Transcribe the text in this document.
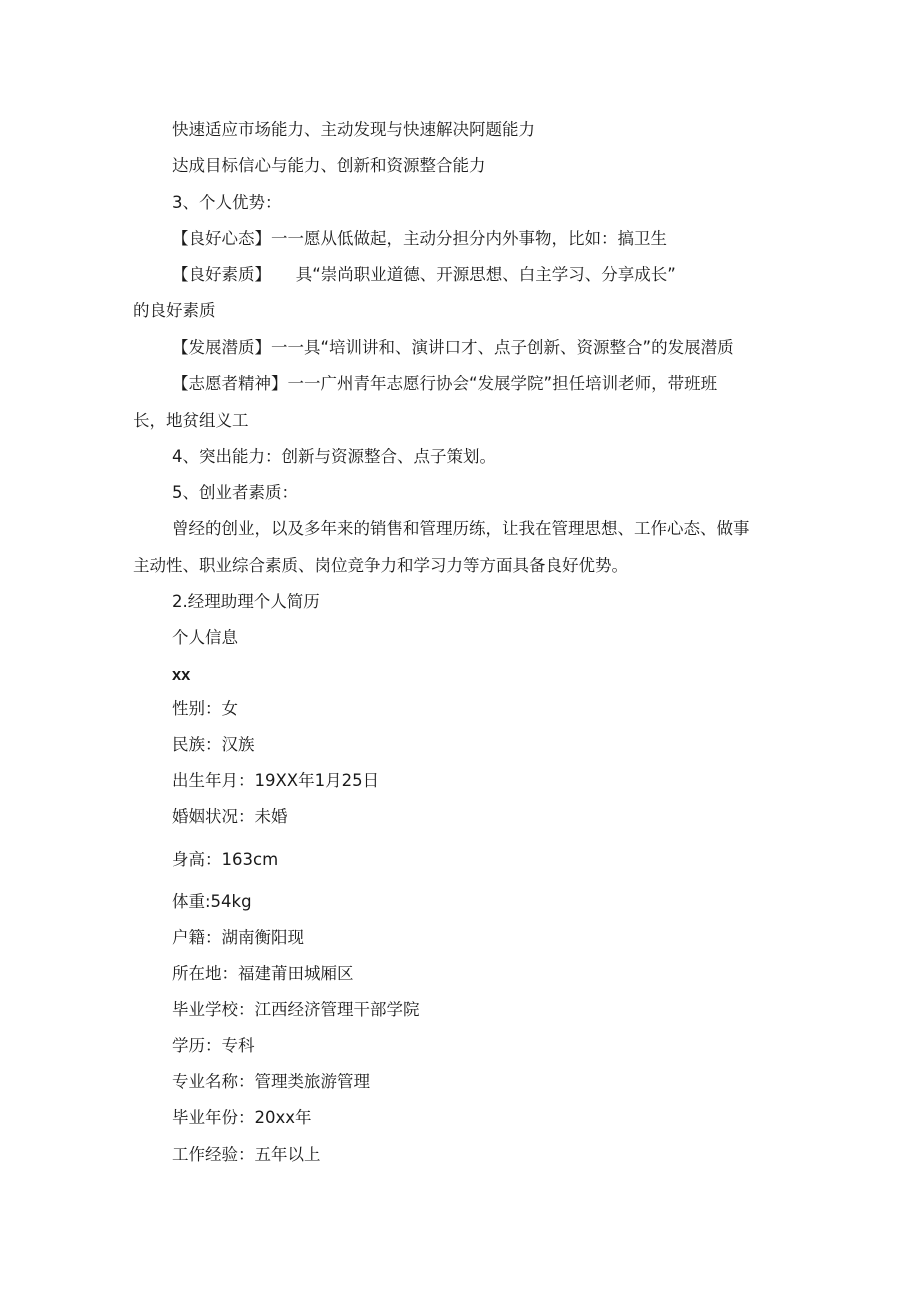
快速适应市场能力、主动发现与快速解决阿题能力
达成目标信心与能力、创新和资源整合能力
3、个人优势：
【良好心态】一一愿从低做起，主动分担分内外事物，比如：搞卫生
【良好素质】　　具“崇尚职业道德、开源思想、白主学习、分享成长”
的良好素质
【发展潜质】一一具“培训讲和、演讲口才、点子创新、资源整合”的发展潜质
【志愿者精神】一一广州青年志愿行协会“发展学院”担任培训老师，带班班
长，地贫组义工
4、突出能力：创新与资源整合、点子策划。
5、创业者素质：
曾经的创业，以及多年来的销售和管理历练，让我在管理思想、工作心态、做事
主动性、职业综合素质、岗位竞争力和学习力等方面具备良好优势。
2.经理助理个人简历
个人信息
xx
性别：女
民族：汉族
出生年月：19XX年1月25日
婚姻状况：未婚
身高：163cm
体重:54kg
户籍：湖南衡阳现
所在地：福建莆田城厢区
毕业学校：江西经济管理干部学院
学历：专科
专业名称：管理类旅游管理
毕业年份：20xx年
工作经验：五年以上
